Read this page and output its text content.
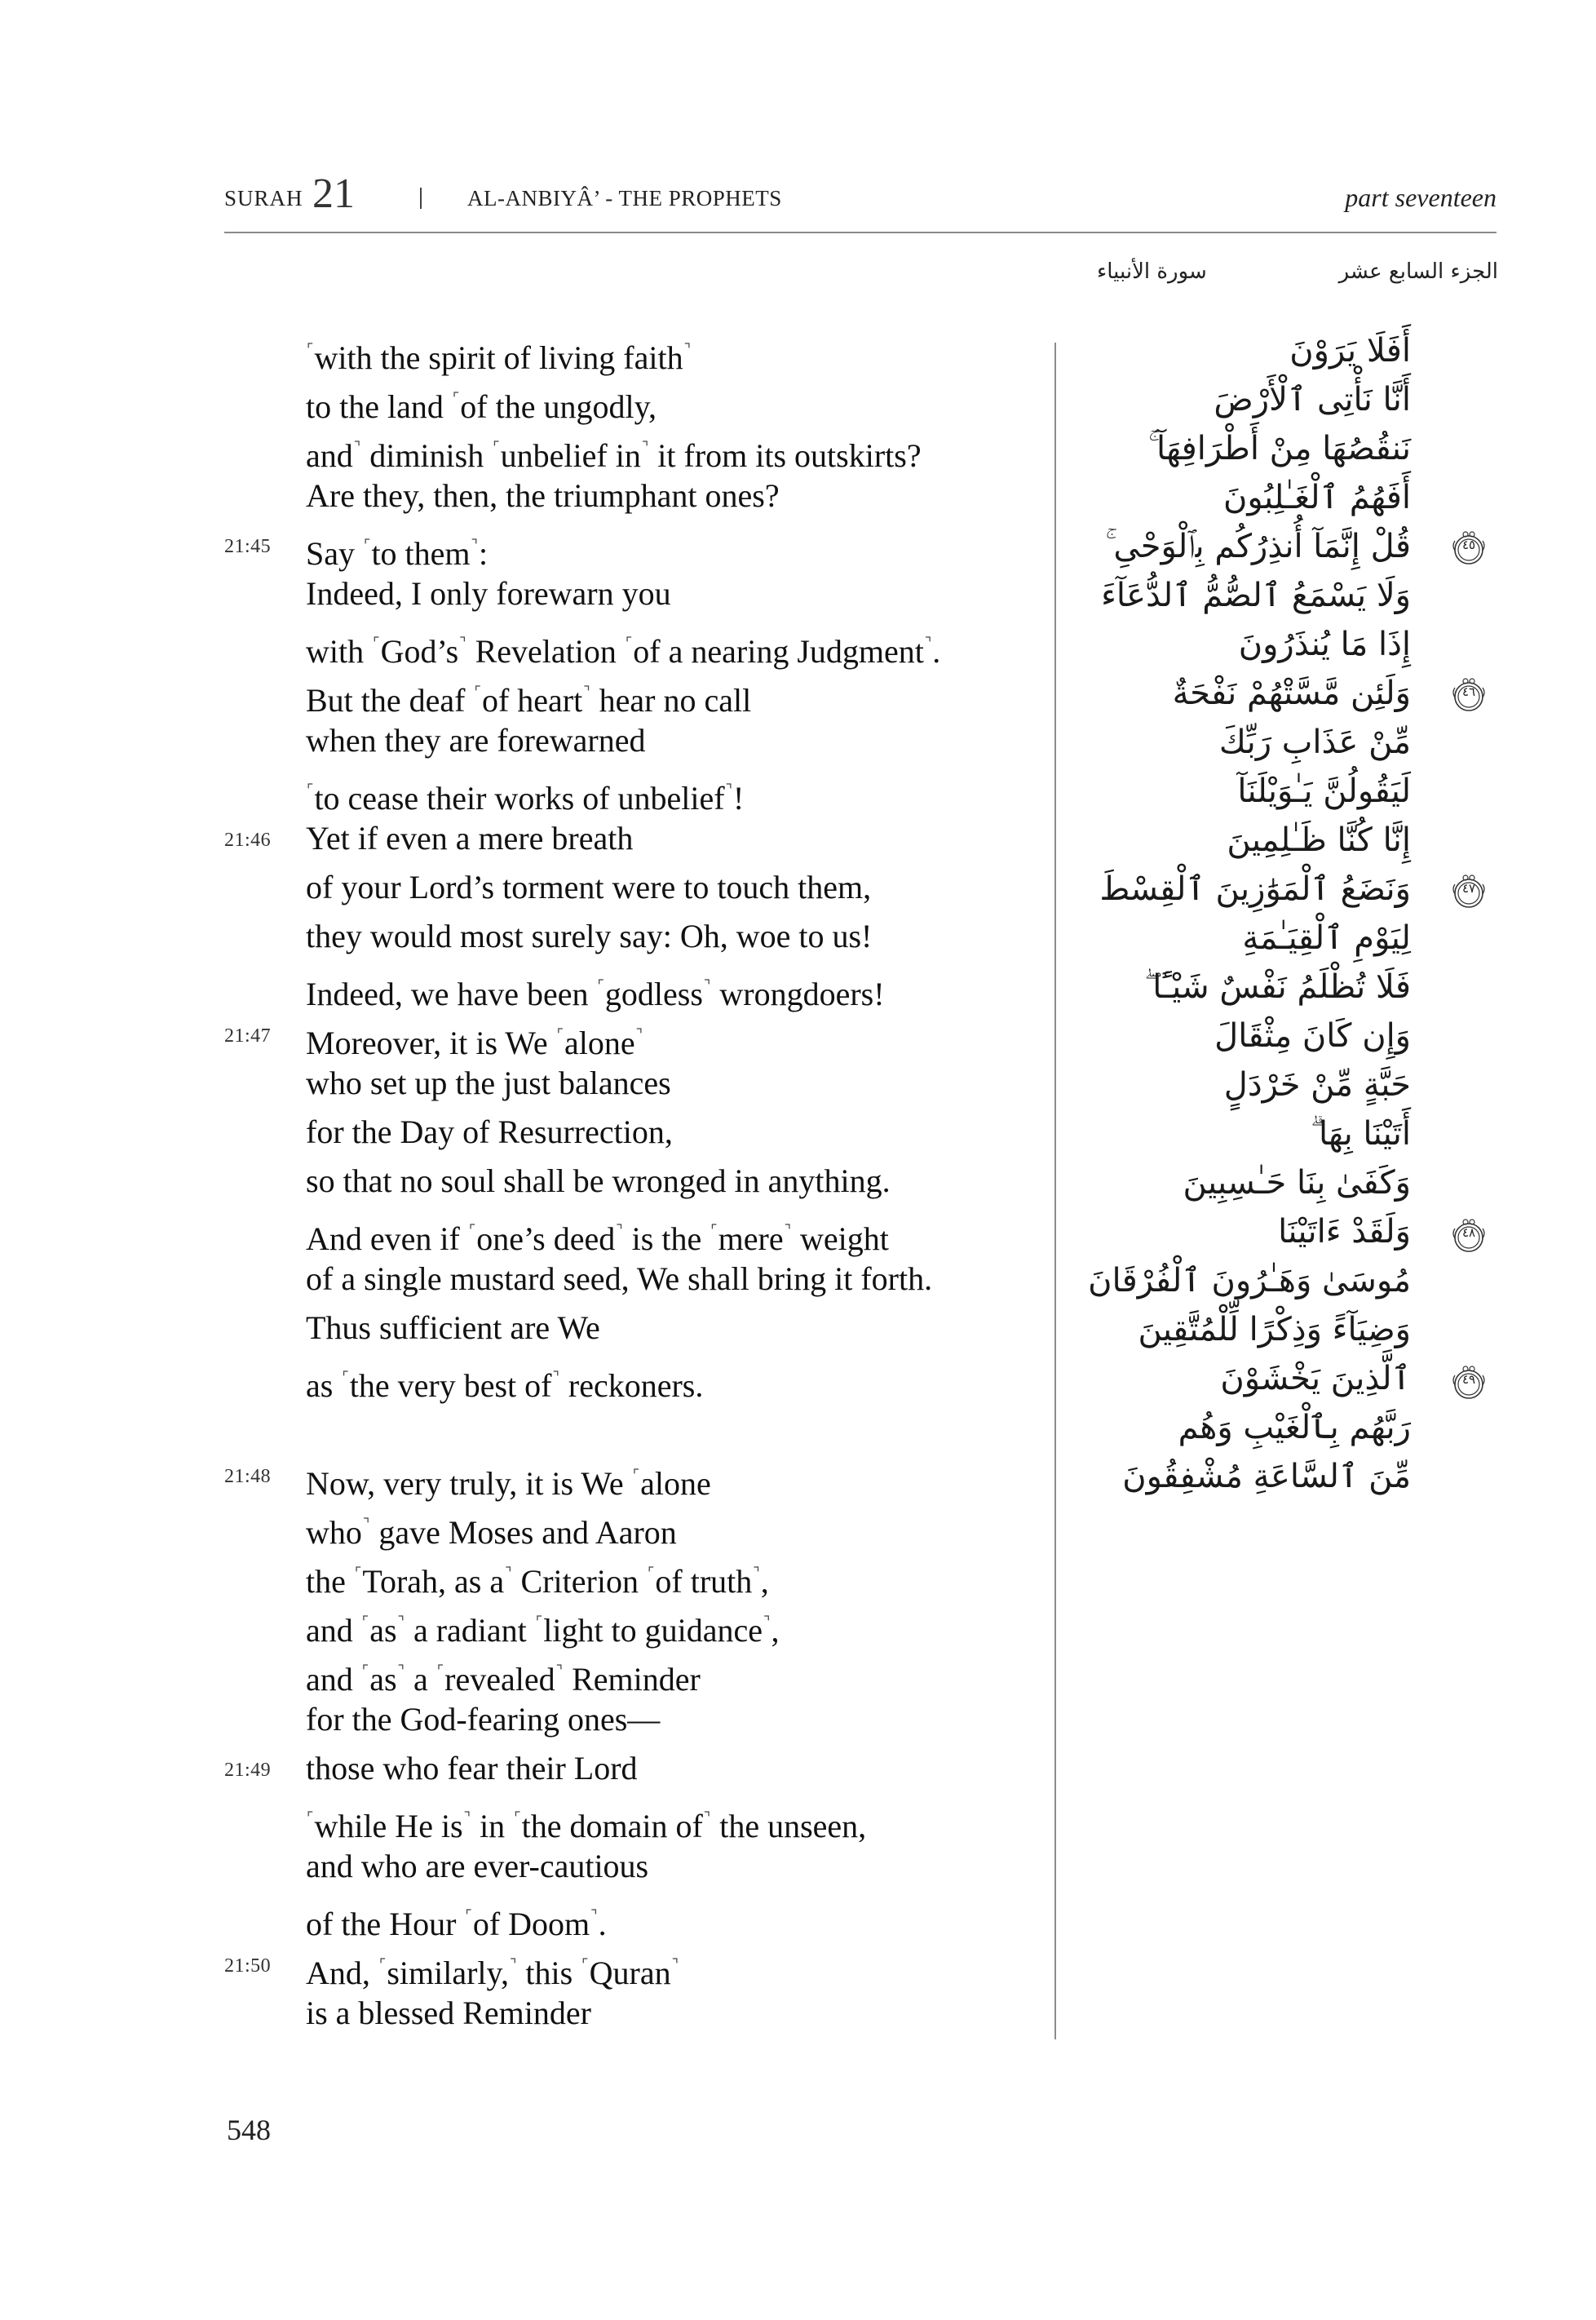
SURAH 21	AL-ANBIYÂ’ - THE PROPHETS	part seventeen
الجزء السابع عشر
سورة الأنبياء
⌜with the spirit of living faith⌝
to the land ⌜of the ungodly,
and⌝ diminish ⌜unbelief in⌝ it from its outskirts?
Are they, then, the triumphant ones?
21:45 Say ⌜to them⌝:
Indeed, I only forewarn you
with ⌜God’s⌝ Revelation ⌜of a nearing Judgment⌝.
But the deaf ⌜of heart⌝ hear no call
when they are forewarned
⌜to cease their works of unbelief⌝!
21:46 Yet if even a mere breath
of your Lord’s torment were to touch them,
they would most surely say: Oh, woe to us!
Indeed, we have been ⌜godless⌝ wrongdoers!
21:47 Moreover, it is We ⌜alone⌝
who set up the just balances
for the Day of Resurrection,
so that no soul shall be wronged in anything.
And even if ⌜one’s deed⌝ is the ⌜mere⌝ weight
of a single mustard seed, We shall bring it forth.
Thus sufficient are We
as ⌜the very best of⌝ reckoners.
21:48 Now, very truly, it is We ⌜alone
who⌝ gave Moses and Aaron
the ⌜Torah, as a⌝ Criterion ⌜of truth⌝,
and ⌜as⌝ a radiant ⌜light to guidance⌝,
and ⌜as⌝ a ⌜revealed⌝ Reminder
for the God-fearing ones—
21:49 those who fear their Lord
⌜while He is⌝ in ⌜the domain of⌝ the unseen,
and who are ever-cautious
of the Hour ⌜of Doom⌝.
21:50 And, ⌜similarly,⌝ this ⌜Quran⌝
is a blessed Reminder
أَفَلَا يَرَوْنَ
أَنَّا نَأْتِى ٱلْأَرْضَ
نَنقُصُهَا مِنْ أَطْرَافِهَآ ۚ
أَفَهُمُ ٱلْغَـٰلِبُونَ
قُلْ إِنَّمَآ أُنذِرُكُم بِٱلْوَحْىِ ۚ
وَلَا يَسْمَعُ ٱلصُّمُّ ٱلدُّعَآءَ
إِذَا مَا يُنذَرُونَ
وَلَئِن مَّسَّتْهُمْ نَفْحَةٌ
مِّنْ عَذَابِ رَبِّكَ
لَيَقُولُنَّ يَـٰوَيْلَنَآ
إِنَّا كُنَّا ظَـٰلِمِينَ
وَنَضَعُ ٱلْمَوَٰزِينَ ٱلْقِسْطَ
لِيَوْمِ ٱلْقِيَـٰمَةِ
فَلَا تُظْلَمُ نَفْسٌ شَيْـًٔا ۖ
وَإِن كَانَ مِثْقَالَ
حَبَّةٍ مِّنْ خَرْدَلٍ
أَتَيْنَا بِهَا ۗ
وَكَفَىٰ بِنَا حَـٰسِبِينَ
وَلَقَدْ ءَاتَيْنَا
مُوسَىٰ وَهَـٰرُونَ ٱلْفُرْقَانَ
وَضِيَآءً وَذِكْرًا لِّلْمُتَّقِينَ
ٱلَّذِينَ يَخْشَوْنَ
رَبَّهُم بِٱلْغَيْبِ وَهُم
مِّنَ ٱلسَّاعَةِ مُشْفِقُونَ
٤٥
٤٦
٤٧
٤٨
٤٩
548
